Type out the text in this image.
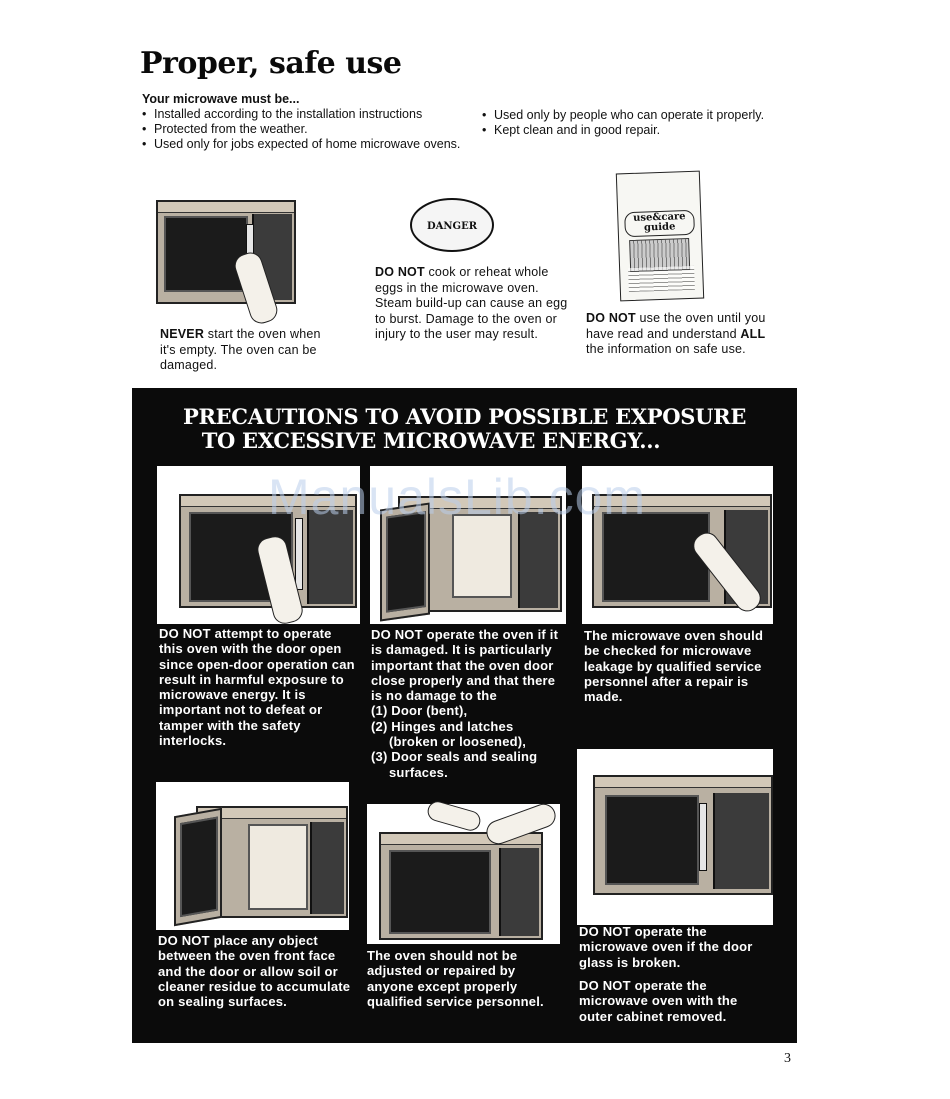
Proper, safe use
Your microwave must be...
• Installed according to the installation instructions
• Protected from the weather.
• Used only for jobs expected of home microwave ovens.
• Used only by people who can operate it properly.
• Kept clean and in good repair.
NEVER start the oven when it's empty. The oven can be damaged.
DANGER
DO NOT cook or reheat whole eggs in the microwave oven. Steam build-up can cause an egg to burst. Damage to the oven or injury to the user may result.
use&care guide
DO NOT use the oven until you have read and understand ALL the information on safe use.
PRECAUTIONS TO AVOID POSSIBLE EXPOSURE
TO EXCESSIVE MICROWAVE ENERGY...
DO NOT attempt to operate this oven with the door open since open-door operation can result in harmful exposure to microwave energy. It is important not to defeat or tamper with the safety interlocks.
DO NOT operate the oven if it is damaged. It is particularly important that the oven door close properly and that there is no damage to the
(1) Door (bent),
(2) Hinges and latches
(broken or loosened),
(3) Door seals and sealing
surfaces.
The microwave oven should be checked for microwave leakage by qualified service personnel after a repair is made.
DO NOT place any object between the oven front face and the door or allow soil or cleaner residue to accumulate on sealing surfaces.
The oven should not be adjusted or repaired by anyone except properly qualified service personnel.
DO NOT operate the microwave oven if the door glass is broken.
DO NOT operate the microwave oven with the outer cabinet removed.
ManualsLib.com
3
